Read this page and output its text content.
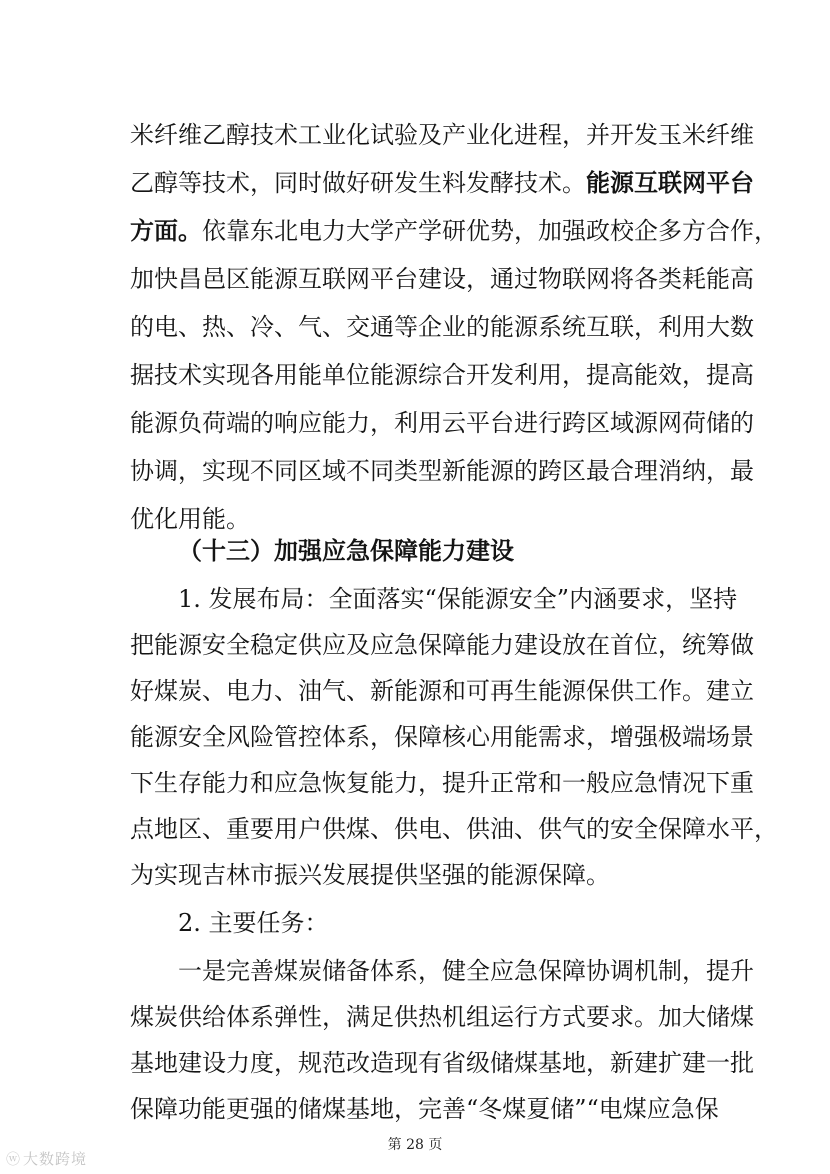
米纤维乙醇技术工业化试验及产业化进程，并开发玉米纤维
乙醇等技术，同时做好研发生料发酵技术。能源互联网平台
方面。依靠东北电力大学产学研优势，加强政校企多方合作，
加快昌邑区能源互联网平台建设，通过物联网将各类耗能高
的电、热、冷、气、交通等企业的能源系统互联，利用大数
据技术实现各用能单位能源综合开发利用，提高能效，提高
能源负荷端的响应能力，利用云平台进行跨区域源网荷储的
协调，实现不同区域不同类型新能源的跨区最合理消纳，最
优化用能。
（十三）加强应急保障能力建设
1. 发展布局：全面落实“保能源安全”内涵要求，坚持
把能源安全稳定供应及应急保障能力建设放在首位，统筹做
好煤炭、电力、油气、新能源和可再生能源保供工作。建立
能源安全风险管控体系，保障核心用能需求，增强极端场景
下生存能力和应急恢复能力，提升正常和一般应急情况下重
点地区、重要用户供煤、供电、供油、供气的安全保障水平，
为实现吉林市振兴发展提供坚强的能源保障。
2. 主要任务：
一是完善煤炭储备体系，健全应急保障协调机制，提升
煤炭供给体系弹性，满足供热机组运行方式要求。加大储煤
第 28 页
ⓦ 大数跨境
基地建设力度，规范改造现有省级储煤基地，新建扩建一批
保障功能更强的储煤基地，完善“冬煤夏储”“电煤应急保
